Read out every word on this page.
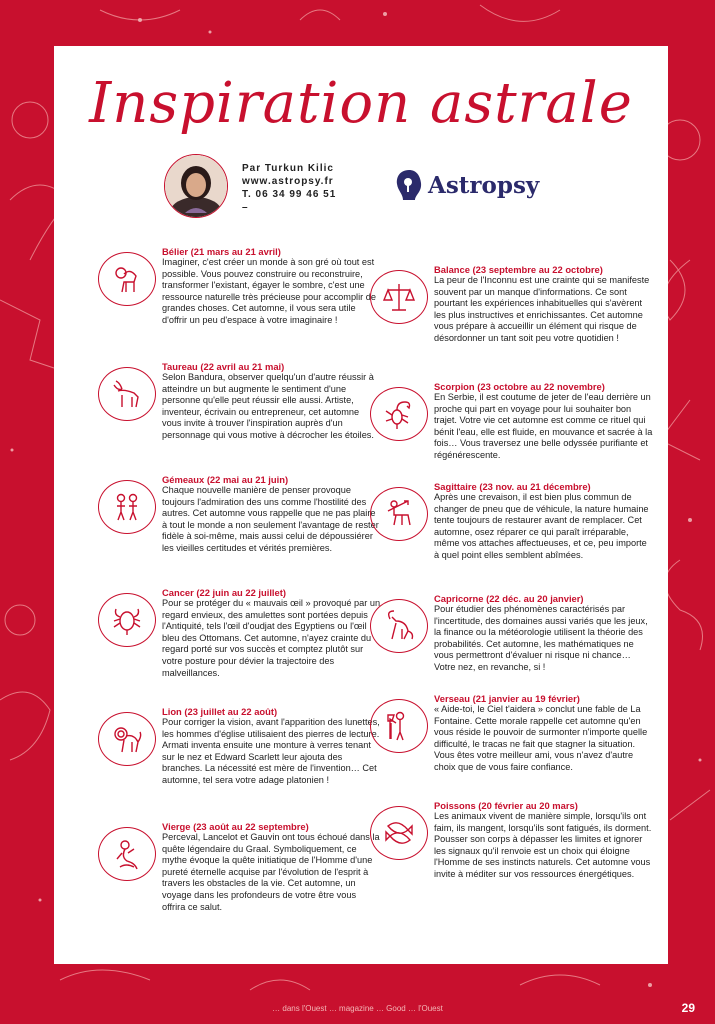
Inspiration astrale
Par Turkun Kilic
www.astropsy.fr
T. 06 34 99 46 51
–
Astropsy
Bélier (21 mars au 21 avril)
Imaginer, c'est créer un monde à son gré où tout est possible. Vous pouvez construire ou reconstruire, transformer l'existant, égayer le sombre, c'est une ressource naturelle très précieuse pour accomplir de grandes choses. Cet automne, il vous sera utile d'offrir un peu d'espace à votre imaginaire !
Taureau (22 avril au 21 mai)
Selon Bandura, observer quelqu'un d'autre réussir à atteindre un but augmente le sentiment d'une personne qu'elle peut réussir elle aussi. Artiste, inventeur, écrivain ou entrepreneur, cet automne vous invite à trouver l'inspiration auprès d'un personnage qui vous motive à décrocher les étoiles.
Gémeaux (22 mai au 21 juin)
Chaque nouvelle manière de penser provoque toujours l'admiration des uns comme l'hostilité des autres. Cet automne vous rappelle que ne pas plaire à tout le monde a non seulement l'avantage de rester fidèle à soi-même, mais aussi celui de dépoussiérer les vieilles certitudes et vérités premières.
Cancer (22 juin au 22 juillet)
Pour se protéger du « mauvais œil » provoqué par un regard envieux, des amulettes sont portées depuis l'Antiquité, tels l'œil d'oudjat des Egyptiens ou l'œil bleu des Ottomans. Cet automne, n'ayez crainte du regard porté sur vos succès et comptez plutôt sur votre posture pour dévier la trajectoire des malveillances.
Lion (23 juillet au 22 août)
Pour corriger la vision, avant l'apparition des lunettes, les hommes d'église utilisaient des pierres de lecture. Armati inventa ensuite une monture à verres tenant sur le nez et Edward Scarlett leur ajouta des branches. La nécessité est mère de l'invention… Cet automne, tel sera votre adage platonien !
Vierge (23 août au 22 septembre)
Perceval, Lancelot et Gauvin ont tous échoué dans la quête légendaire du Graal. Symboliquement, ce mythe évoque la quête initiatique de l'Homme d'une pureté éternelle acquise par l'évolution de l'esprit à travers les obstacles de la vie. Cet automne, un voyage dans les profondeurs de votre être vous offrira ce salut.
Balance (23 septembre au 22 octobre)
La peur de l'Inconnu est une crainte qui se manifeste souvent par un manque d'informations. Ce sont pourtant les expériences inhabituelles qui s'avèrent les plus instructives et enrichissantes. Cet automne vous prépare à accueillir un élément qui risque de désordonner un tant soit peu votre quotidien !
Scorpion (23 octobre au 22 novembre)
En Serbie, il est coutume de jeter de l'eau derrière un proche qui part en voyage pour lui souhaiter bon trajet. Votre vie cet automne est comme ce rituel qui bénit l'eau, elle est fluide, en mouvance et sacrée à la fois… Vous traversez une belle odyssée purifiante et régénérescente.
Sagittaire (23 nov. au 21 décembre)
Après une crevaison, il est bien plus commun de changer de pneu que de véhicule, la nature humaine tente toujours de restaurer avant de remplacer. Cet automne, osez réparer ce qui paraît irréparable, même vos attaches affectueuses, et ce, peu importe à quel point elles semblent abîmées.
Capricorne (22 déc. au 20 janvier)
Pour étudier des phénomènes caractérisés par l'incertitude, des domaines aussi variés que les jeux, la finance ou la météorologie utilisent la théorie des probabilités. Cet automne, les mathématiques ne vous permettront d'évaluer ni risque ni chance… Votre nez, en revanche, si !
Verseau (21 janvier au 19 février)
« Aide-toi, le Ciel t'aidera » conclut une fable de La Fontaine. Cette morale rappelle cet automne qu'en vous réside le pouvoir de surmonter n'importe quelle difficulté, le tracas ne fait que stagner la situation. Vous êtes votre meilleur ami, vous n'avez d'autre choix que de vous faire confiance.
Poissons (20 février au 20 mars)
Les animaux vivent de manière simple, lorsqu'ils ont faim, ils mangent, lorsqu'ils sont fatigués, ils dorment. Pousser son corps à dépasser les limites et ignorer les signaux qu'il renvoie est un choix qui éloigne l'Homme de ses instincts naturels. Cet automne vous invite à méditer sur vos ressources énergétiques.
… dans l'Ouest … magazine … Good … l'Ouest	29
